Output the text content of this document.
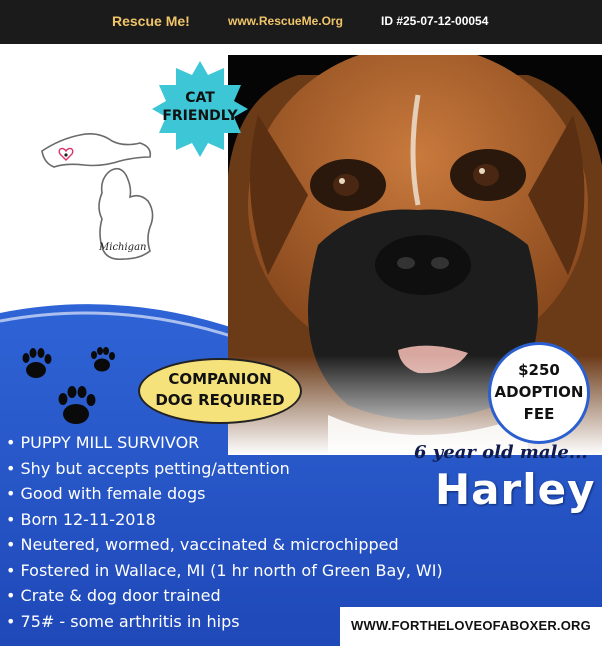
Rescue Me!	www.RescueMe.Org	ID #25-07-12-00054
CAT
FRIENDLY
Michigan
COMPANION
DOG REQUIRED
$250
ADOPTION
FEE
• PUPPY MILL SURVIVOR
• Shy but accepts petting/attention
• Good with female dogs
• Born 12-11-2018
• Neutered, wormed, vaccinated & microchipped
• Fostered in Wallace, MI (1 hr north of Green Bay, WI)
• Crate & dog door trained
• 75# - some arthritis in hips
6 year old male...
Harley
WWW.FORTHELOVEOFABOXER.ORG
